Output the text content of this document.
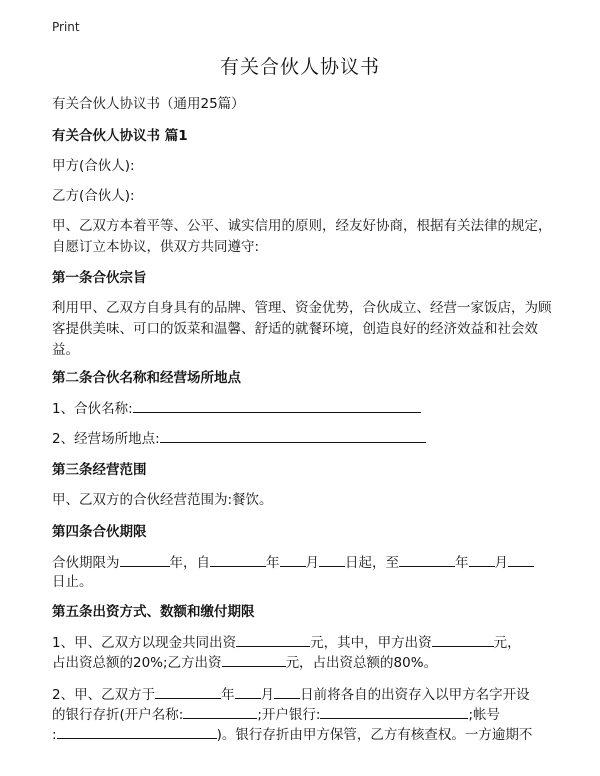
Print
有关合伙人协议书
有关合伙人协议书（通用25篇）
有关合伙人协议书 篇1
甲方(合伙人):
乙方(合伙人):
甲、乙双方本着平等、公平、诚实信用的原则，经友好协商，根据有关法律的规定，自愿订立本协议，供双方共同遵守:
第一条合伙宗旨
利用甲、乙双方自身具有的品牌、管理、资金优势，合伙成立、经营一家饭店，为顾客提供美味、可口的饭菜和温馨、舒适的就餐环境，创造良好的经济效益和社会效益。
第二条合伙名称和经营场所地点
1、合伙名称:
2、经营场所地点:
第三条经营范围
甲、乙双方的合伙经营范围为:餐饮。
第四条合伙期限
合伙期限为	年，自	年 月 日起，至	年 月
日止。
第五条出资方式、数额和缴付期限
1、甲、乙双方以现金共同出资	元，其中，甲方出资	元，
占出资总额的20%;乙方出资	元，占出资总额的80%。
2、甲、乙双方于	年 月 日前将各自的出资存入以甲方名字开设
的银行存折(开户名称:	;开户银行:	;帐号
:	)。银行存折由甲方保管，乙方有核查权。一方逾期不
